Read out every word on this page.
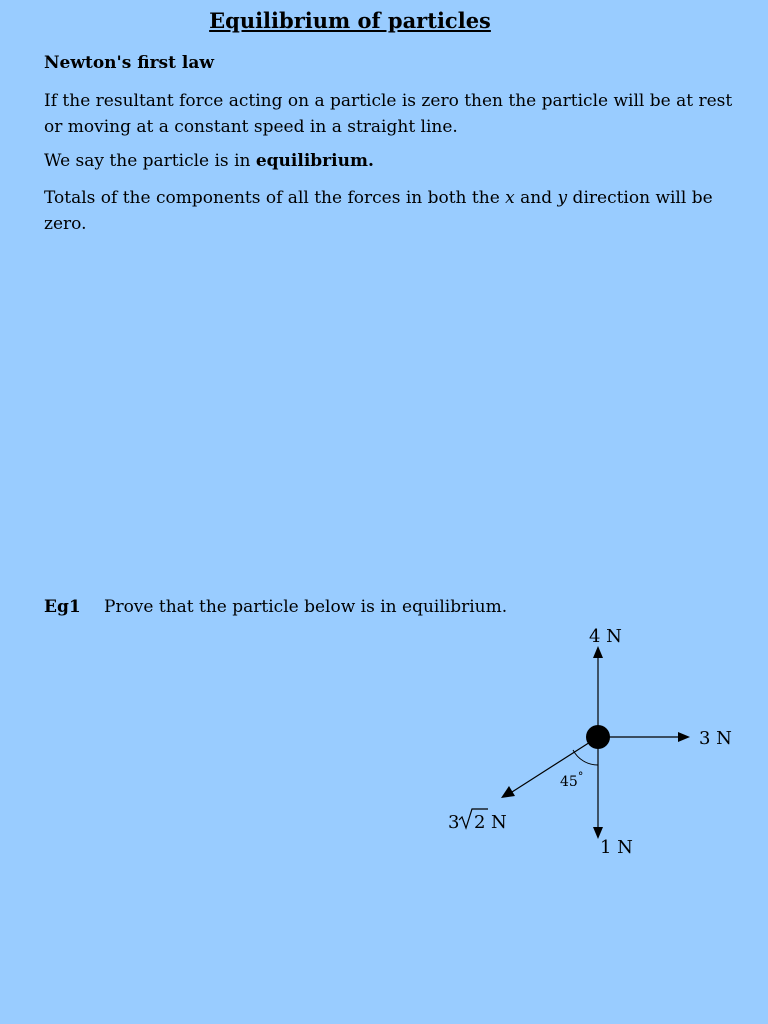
Equilibrium of particles
Newton's first law
If the resultant force acting on a particle is zero then the particle will be at rest or moving at a constant speed in a straight line.
We say the particle is in equilibrium.
Totals of the components of all the forces in both the x and y direction will be zero.
Eg1 Prove that the particle below is in equilibrium.
4 N
3 N
1 N
45°
3 2 N
